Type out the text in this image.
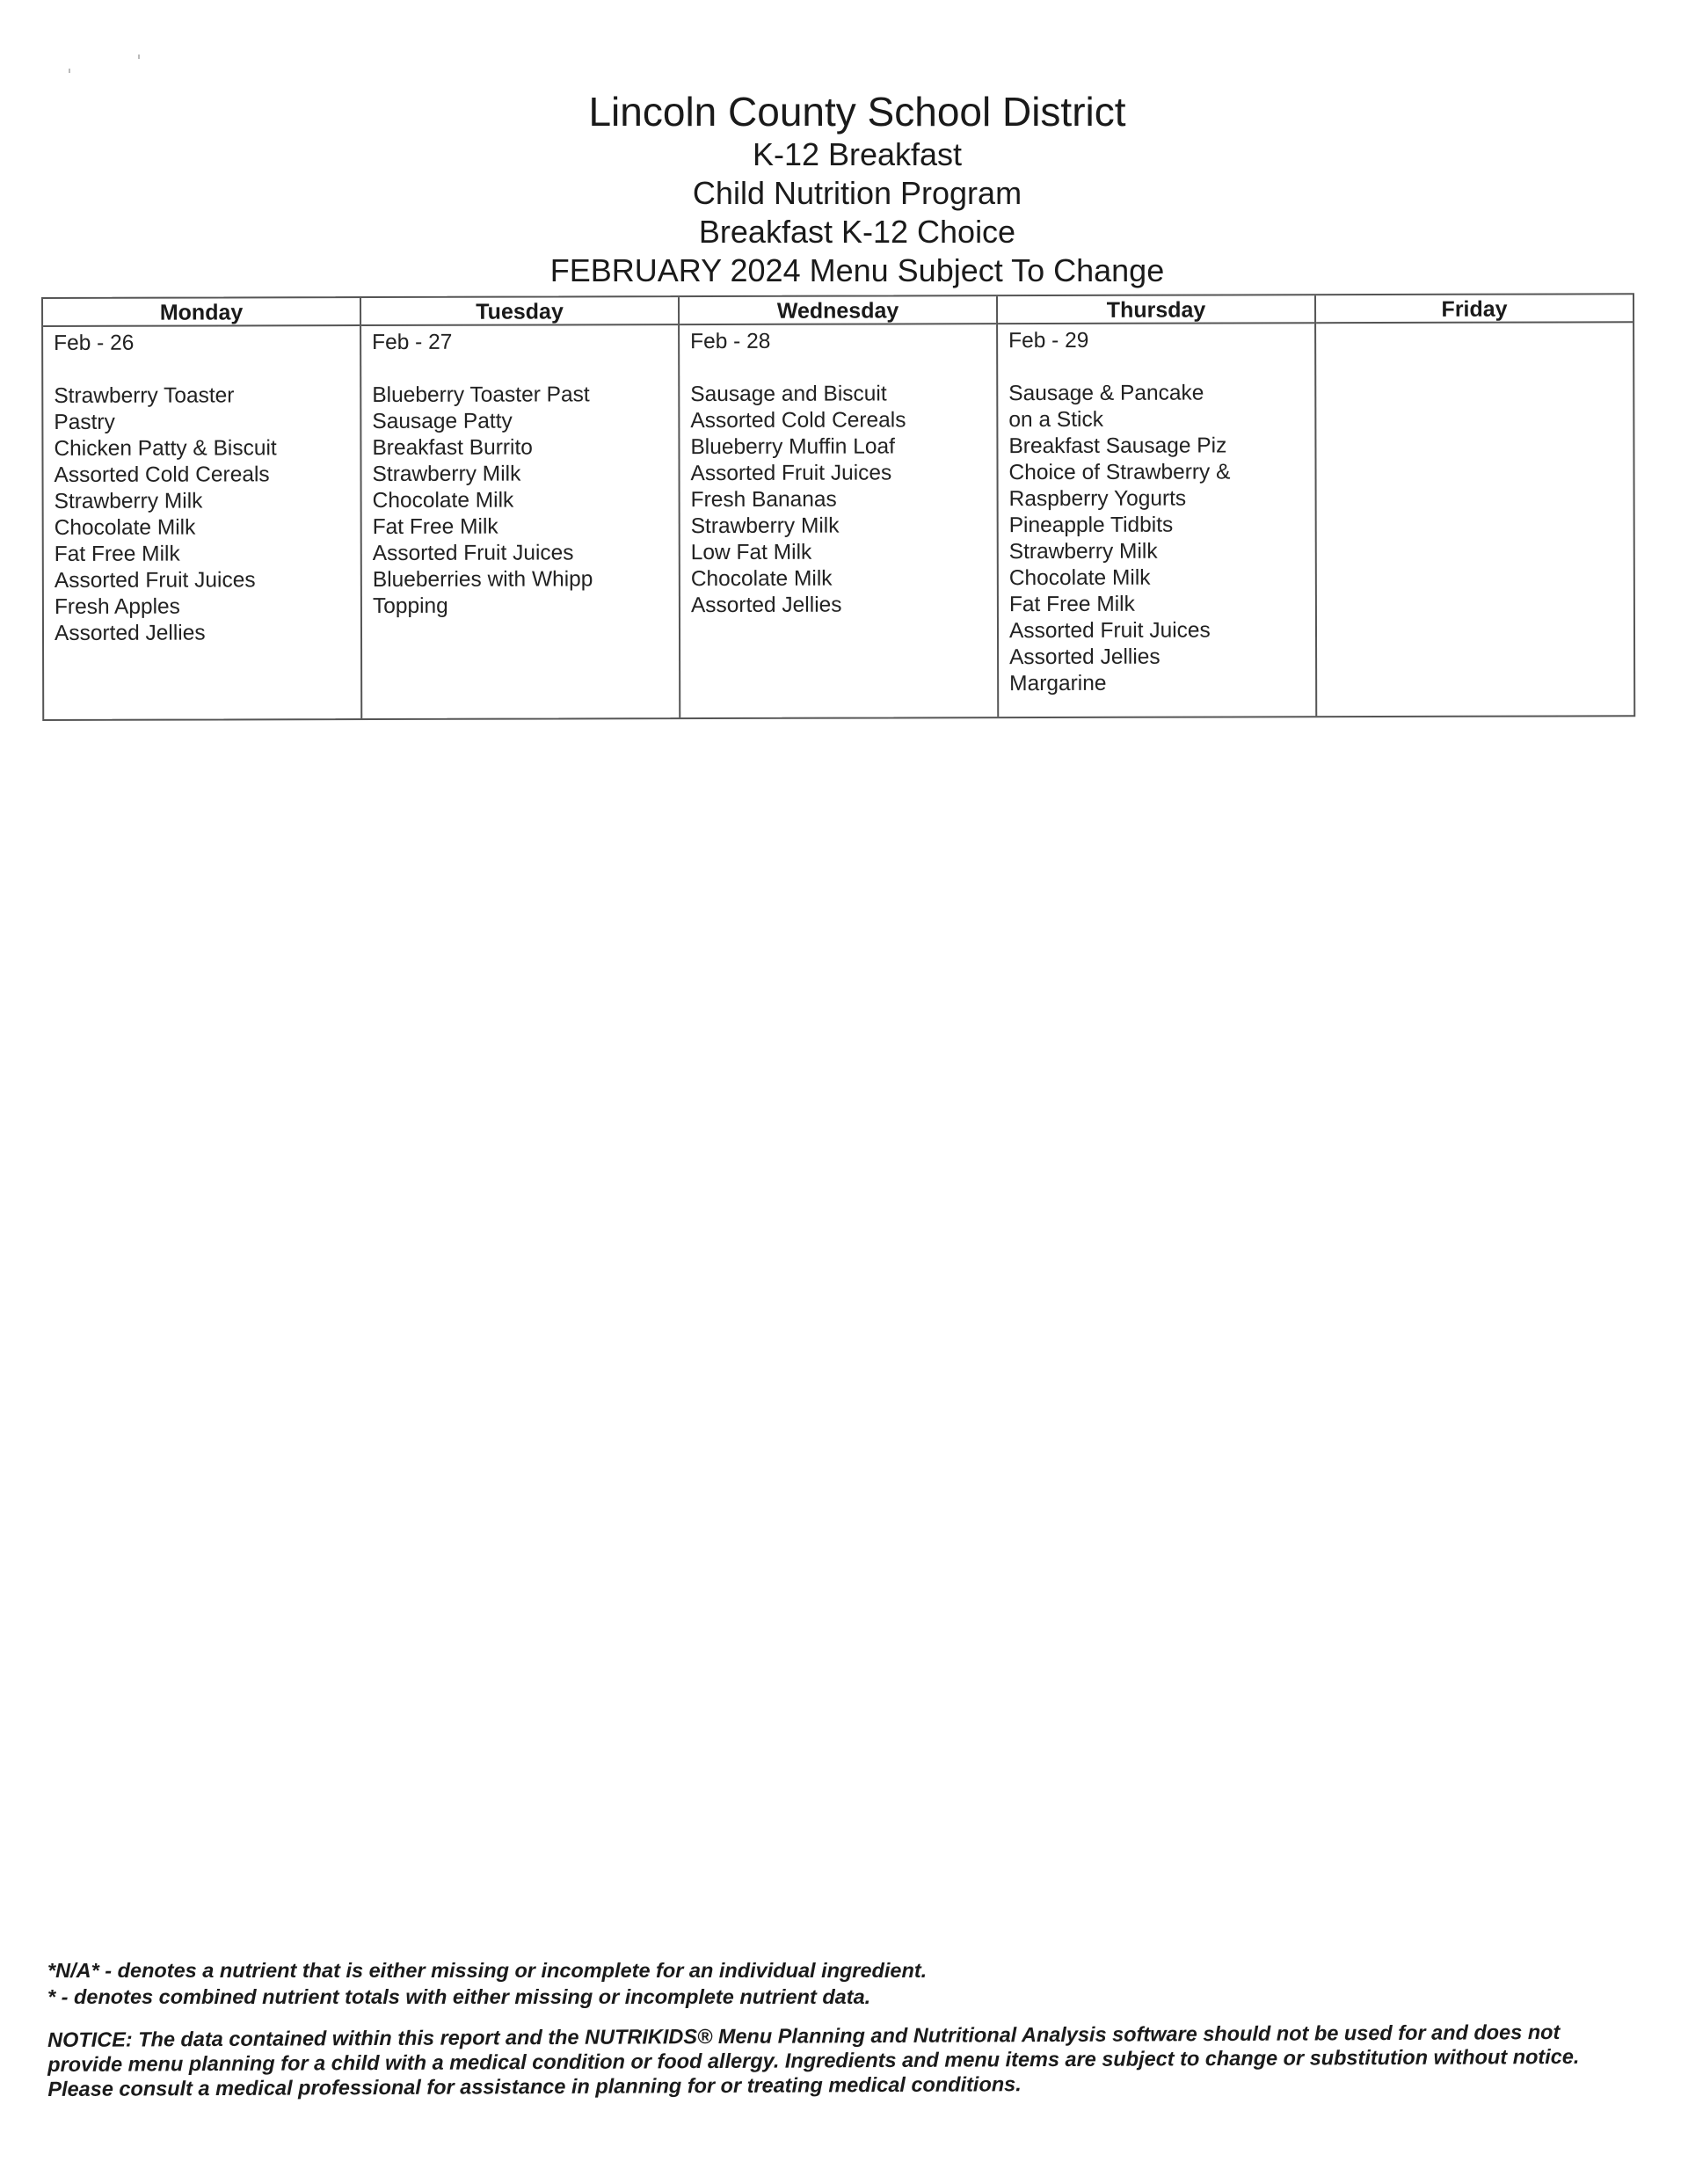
Lincoln County School District
K-12 Breakfast
Child Nutrition Program
Breakfast K-12 Choice
FEBRUARY 2024 Menu Subject To Change
Monday
Feb - 26
Strawberry Toaster
Pastry
Chicken Patty & Biscuit
Assorted Cold Cereals
Strawberry Milk
Chocolate Milk
Fat Free Milk
Assorted Fruit Juices
Fresh Apples
Assorted Jellies
Tuesday
Feb - 27
Blueberry Toaster Past
Sausage Patty
Breakfast Burrito
Strawberry Milk
Chocolate Milk
Fat Free Milk
Assorted Fruit Juices
Blueberries with Whipp
Topping
Wednesday
Feb - 28
Sausage and Biscuit
Assorted Cold Cereals
Blueberry Muffin Loaf
Assorted Fruit Juices
Fresh Bananas
Strawberry Milk
Low Fat Milk
Chocolate Milk
Assorted Jellies
Thursday
Feb - 29
Sausage & Pancake
on a Stick
Breakfast Sausage Piz
Choice of Strawberry &
Raspberry Yogurts
Pineapple Tidbits
Strawberry Milk
Chocolate Milk
Fat Free Milk
Assorted Fruit Juices
Assorted Jellies
Margarine
Friday
*N/A* - denotes a nutrient that is either missing or incomplete for an individual ingredient.
* - denotes combined nutrient totals with either missing or incomplete nutrient data.
NOTICE: The data contained within this report and the NUTRIKIDS® Menu Planning and Nutritional Analysis software should not be used for and does not provide menu planning for a child with a medical condition or food allergy. Ingredients and menu items are subject to change or substitution without notice. Please consult a medical professional for assistance in planning for or treating medical conditions.
